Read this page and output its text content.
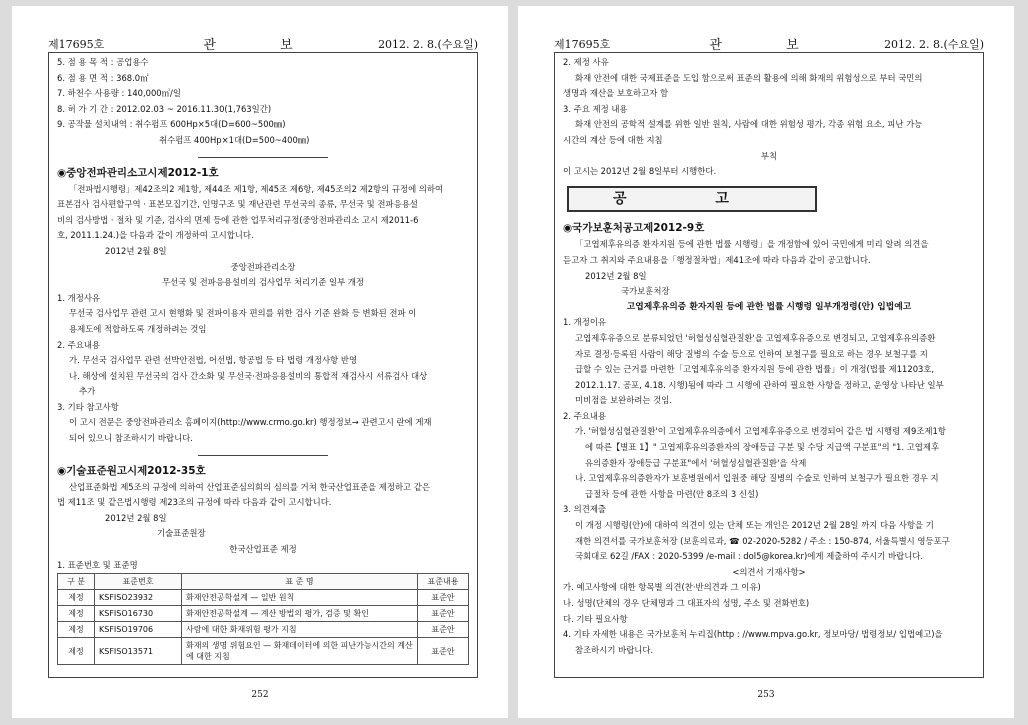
제17695호	관 보	2012. 2. 8.(수요일)
5. 점 용 목 적 : 공업용수
6. 점 용 면 적 : 368.0㎡
7. 하천수 사용량 : 140,000㎥/일
8. 허 가 기 간 : 2012.02.03 ~ 2016.11.30(1,763일간)
9. 공작물 설치내역 : 취수펌프 600Hp×5대(D=600~500㎜)
취수펌프 400Hp×1대(D=500~400㎜)
◉중앙전파관리소고시제2012-1호
「전파법시행령」제42조의2 제1항, 제44조 제1항, 제45조 제6항, 제45조의2 제2항의 규정에 의하여
표본검사 검사편할구역 · 표본모집기간, 인명구조 및 재난관련 무선국의 종류, 무선국 및 전파응용설
비의 검사방법 · 절차 및 기준, 검사의 면제 등에 관한 업무처리규정(중앙전파관리소 고시 제2011-6
호, 2011.1.24.)을 다음과 같이 개정하여 고시합니다.
2012년 2월 8일
중앙전파관리소장
무선국 및 전파응용설비의 검사업무 처리기준 일부 개정
1. 개정사유
무선국 검사업무 관련 고시 현행화 및 전파이용자 편의를 위한 검사 기준 완화 등 변화된 전파 이
용제도에 적합하도록 개정하려는 것임
2. 주요내용
가. 무선국 검사업무 관련 선박안전법, 어선법, 항공법 등 타 법령 개정사항 반영
나. 해상에 설치된 무선국의 검사 간소화 및 무선국·전파응용설비의 통합적 재검사시 서류검사 대상
추가
3. 기타 참고사항
이 고시 전문은 중앙전파관리소 홈페이지(http://www.crmo.go.kr) 행정정보→ 관련고시 란에 게재
되어 있으니 참조하시기 바랍니다.
◉기술표준원고시제2012-35호
산업표준화법 제5조의 규정에 의하여 산업표준심의회의 심의를 거쳐 한국산업표준을 제정하고 같은
법 제11조 및 같은법시행령 제23조의 규정에 따라 다음과 같이 고시합니다.
2012년 2월 8일
기술표준원장
한국산업표준 제정
1. 표준번호 및 표준명
구 분	표준번호	표 준 명	표준내용
제정	KSFISO23932	화재안전공학설계 — 일반 원칙	표준안
제정	KSFISO16730	화재안전공학설계 — 계산 방법의 평가, 검증 및 확인	표준안
제정	KSFISO19706	사람에 대한 화재위험 평가 지침	표준안
제정	KSFISO13571	화재의 생명 위험요인 — 화재데이터에 의한 피난가능시간의 계산에 대한 지침	표준안
252
제17695호	관 보	2012. 2. 8.(수요일)
2. 제정 사유
화재 안전에 대한 국제표준을 도입 함으로써 표준의 활용에 의해 화재의 위험성으로 부터 국민의
생명과 재산을 보호하고자 함
3. 주요 제정 내용
화재 안전의 공학적 설계를 위한 일반 원칙, 사람에 대한 위험성 평가, 각종 위험 요소, 피난 가능
시간의 계산 등에 대한 지침
부칙
이 고시는 2012년 2월 8일부터 시행한다.
공 고
◉국가보훈처공고제2012-9호
「고엽제후유의증 환자지원 등에 관한 법률 시행령」을 개정함에 있어 국민에게 미리 알려 의견을
듣고자 그 취지와 주요내용을「행정절차법」제41조에 따라 다음과 같이 공고합니다.
2012년 2월 8일
국가보훈처장
고엽제후유의증 환자지원 등에 관한 법률 시행령 일부개정령(안) 입법예고
1. 개정이유
고엽제후유증으로 분류되었던 '허혈성심혈관질환'을 고엽제후유증으로 변경되고, 고엽제후유의증환
자로 결정·등록된 사람이 해당 질병의 수술 등으로 인하여 보철구를 필요로 하는 경우 보철구를 지
급할 수 있는 근거를 마련한「고엽제후유의증 환자지원 등에 관한 법률」이 개정(법률 제11203호,
2012.1.17. 공포, 4.18. 시행)됨에 따라 그 시행에 관하여 필요한 사항을 정하고, 운영상 나타난 일부
미비점을 보완하려는 것임.
2. 주요내용
가. '허혈성심혈관질환'이 고엽제후유의증에서 고엽제후유증으로 변경되어 같은 법 시행령 제9조제1항
에 따른【별표 1】" 고엽제후유의증환자의 장애등급 구분 및 수당 지급액 구분표"의 "1. 고엽제후
유의증환자 장애등급 구분표"에서 '허혈성심혈관질환'을 삭제
나. 고엽제후유의증환자가 보훈병원에서 입원중 해당 질병의 수술로 인하여 보철구가 필요한 경우 지
급절차 등에 관한 사항을 마련(안 8조의 3 신설)
3. 의견제출
이 개정 시행령(안)에 대하여 의견이 있는 단체 또는 개인은 2012년 2월 28일 까지 다음 사항을 기
재한 의견서를 국가보훈처장 (보훈의료과, ☎ 02-2020-5282 / 주소 : 150-874, 서울특별시 영등포구
국회대로 62길 /FAX : 2020-5399 /e-mail : dol5@korea.kr)에게 제출하여 주시기 바랍니다.
<의견서 기재사항>
가. 예고사항에 대한 항목별 의견(찬·반의견과 그 이유)
나. 성명(단체의 경우 단체명과 그 대표자의 성명, 주소 및 전화번호)
다. 기타 필요사항
4. 기타 자세한 내용은 국가보훈처 누리집(http : //www.mpva.go.kr, 정보마당/ 법령정보/ 입법예고)을
참조하시기 바랍니다.
253
